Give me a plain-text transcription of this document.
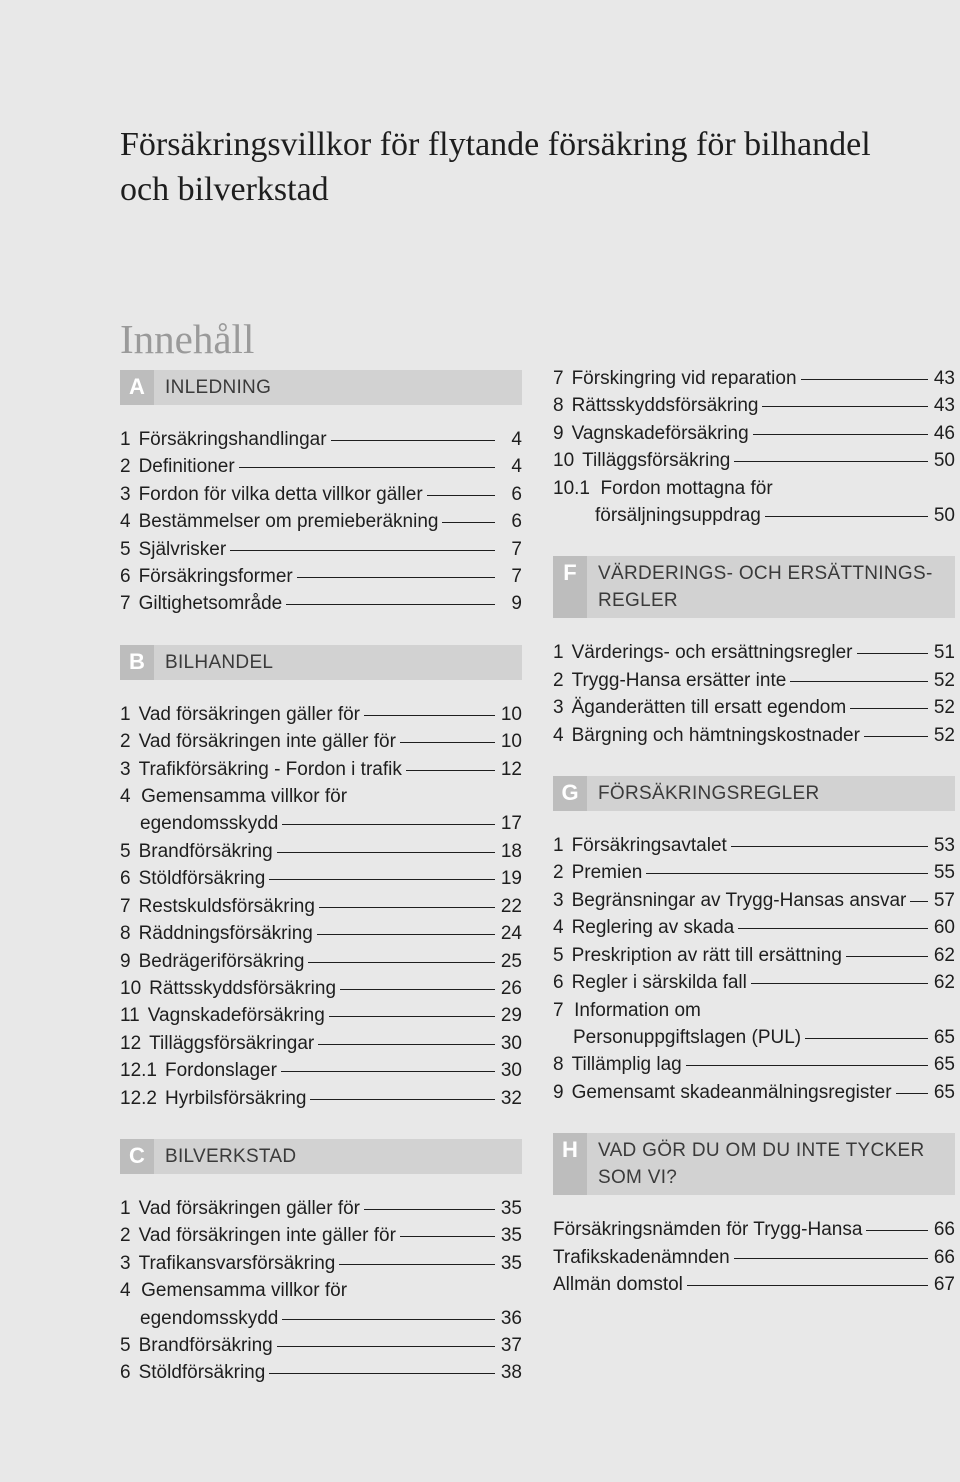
Försäkringsvillkor för flytande försäkring för bilhandel
och bilverkstad
Innehåll
A	INLEDNING
1 Försäkringshandlingar	4
2 Definitioner	4
3 Fordon för vilka detta villkor gäller	6
4 Bestämmelser om premieberäkning	6
5 Självrisker	7
6 Försäkringsformer	7
7 Giltighetsområde	9
B	BILHANDEL
1 Vad försäkringen gäller för	10
2 Vad försäkringen inte gäller för	10
3 Trafikförsäkring - Fordon i trafik	12
4 Gemensamma villkor för
egendomsskydd	17
5 Brandförsäkring	18
6 Stöldförsäkring	19
7 Restskuldsförsäkring	22
8 Räddningsförsäkring	24
9 Bedrägeriförsäkring	25
10 Rättsskyddsförsäkring	26
11 Vagnskadeförsäkring	29
12 Tilläggsförsäkringar	30
12.1 Fordonslager	30
12.2 Hyrbilsförsäkring	32
C	BILVERKSTAD
1 Vad försäkringen gäller för	35
2 Vad försäkringen inte gäller för	35
3 Trafikansvarsförsäkring	35
4 Gemensamma villkor för
egendomsskydd	36
5 Brandförsäkring	37
6 Stöldförsäkring	38
7 Förskingring vid reparation	43
8 Rättsskyddsförsäkring	43
9 Vagnskadeförsäkring	46
10 Tilläggsförsäkring	50
10.1 Fordon mottagna för
försäljningsuppdrag	50
F	VÄRDERINGS- OCH ERSÄTTNINGS-
REGLER
1 Värderings- och ersättningsregler	51
2 Trygg-Hansa ersätter inte	52
3 Äganderätten till ersatt egendom	52
4 Bärgning och hämtningskostnader	52
G	FÖRSÄKRINGSREGLER
1 Försäkringsavtalet	53
2 Premien	55
3 Begränsningar av Trygg-Hansas ansvar 57
4 Reglering av skada	60
5 Preskription av rätt till ersättning	62
6 Regler i särskilda fall	62
7 Information om
Personuppgiftslagen (PUL)	65
8 Tillämplig lag	65
9 Gemensamt skadeanmälningsregister 65
H	VAD GÖR DU OM DU INTE TYCKER
SOM VI?
Försäkringsnämden för Trygg-Hansa	66
Trafikskadenämnden	66
Allmän domstol	67
